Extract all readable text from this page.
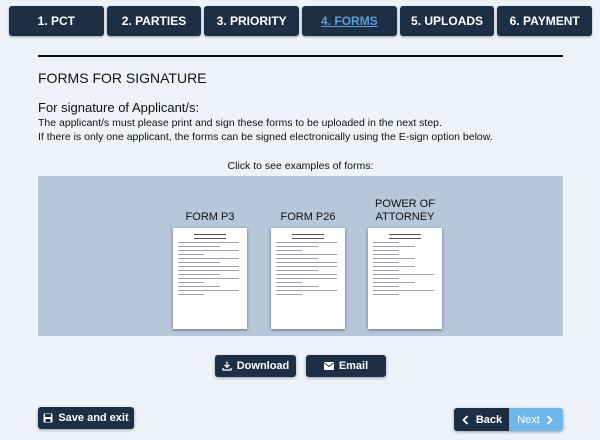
1. PCT	2. PARTIES	3. PRIORITY	4. FORMS	5. UPLOADS 6. PAYMENT
FORMS FOR SIGNATURE
For signature of Applicant/s:
The applicant/s must please print and sign these forms to be uploaded in the next step.
If there is only one applicant, the forms can be signed electronically using the E-sign option below.
Click to see examples of forms:
FORM P3	FORM P26
POWER OF ATTORNEY
Download	Email
Save and exit	Back Next
